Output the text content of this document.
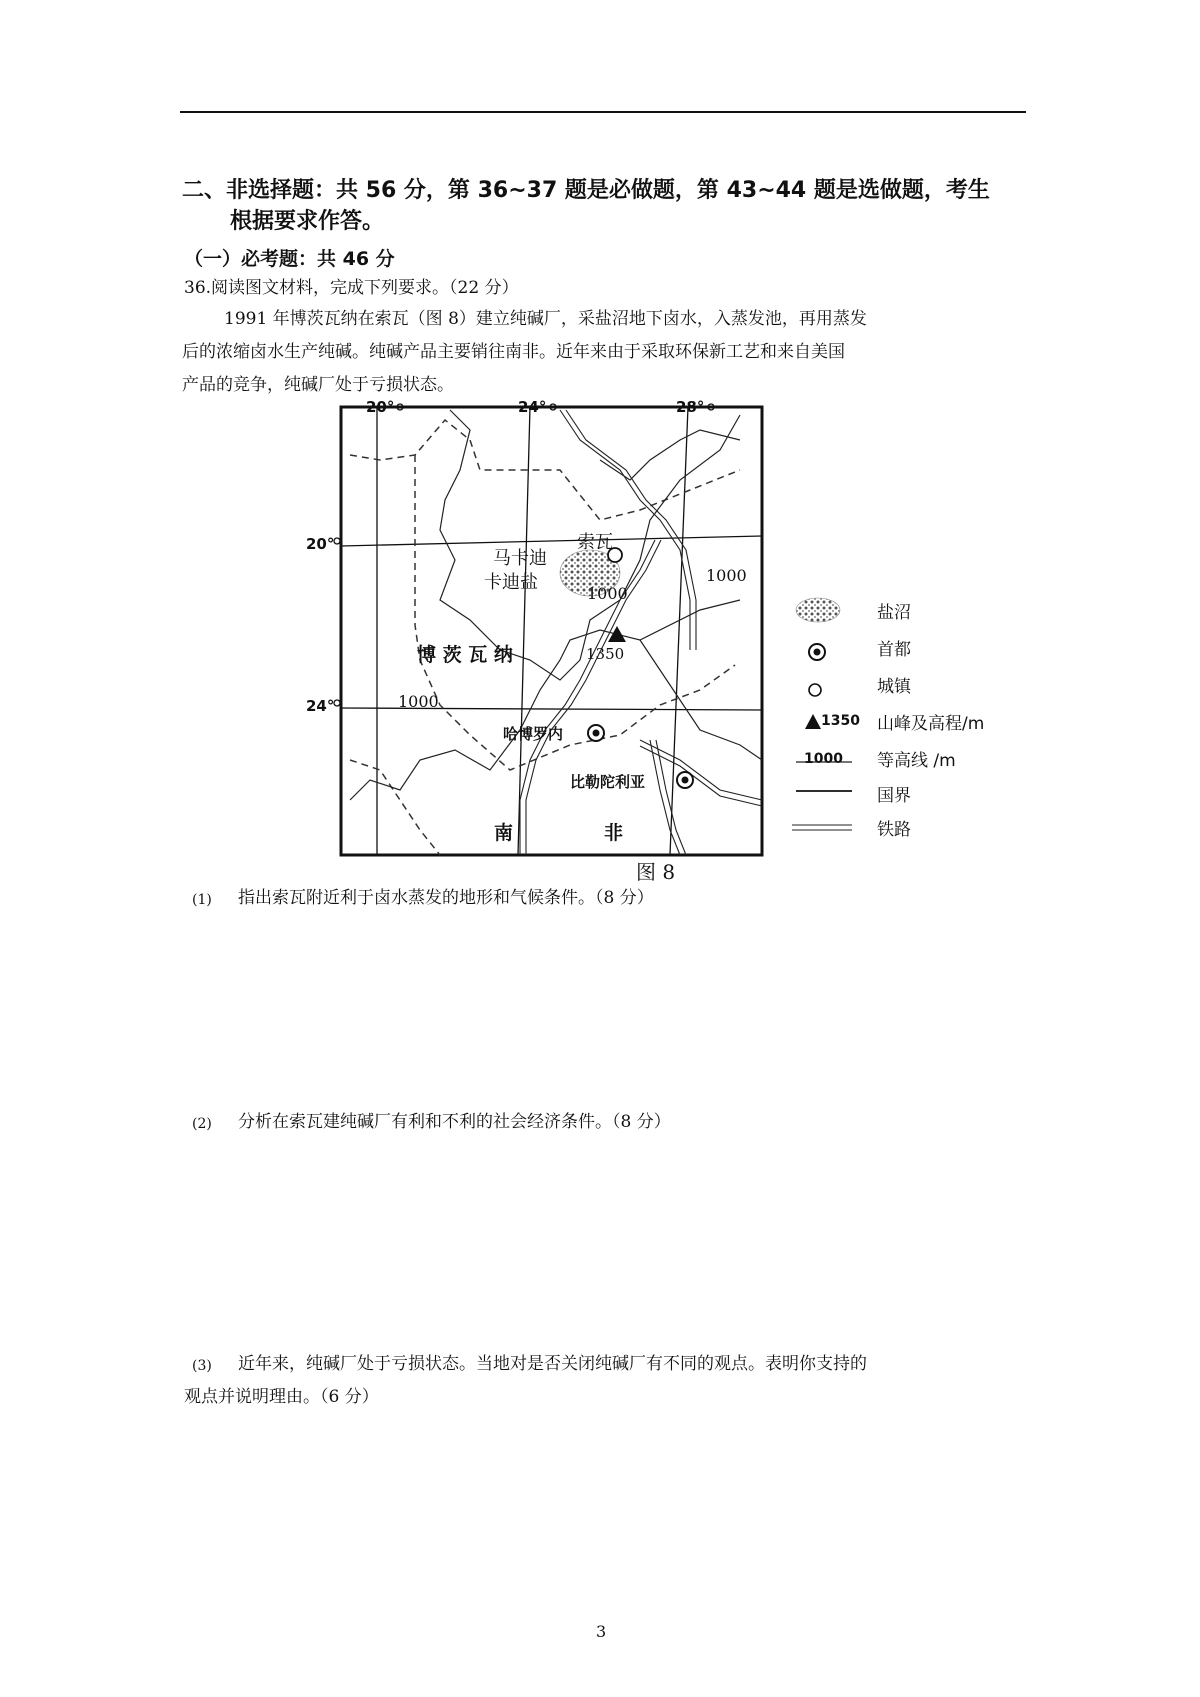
二、非选择题：共 56 分，第 36~37 题是必做题，第 43~44 题是选做题，考生
根据要求作答。
（一）必考题：共 46 分
36.阅读图文材料，完成下列要求。（22 分）
1991 年博茨瓦纳在索瓦（图 8）建立纯碱厂，采盐沼地下卤水，入蒸发池，再用蒸发
后的浓缩卤水生产纯碱。纯碱产品主要销往南非。近年来由于采取环保新工艺和来自美国
产品的竞争，纯碱厂处于亏损状态。
20°	24°	28°
20°
24°
马卡迪
卡迪盐
索瓦
1000
1000
1000
1350
博 茨 瓦 纳
哈博罗内
比勒陀利亚
南	非
图 8
盐沼
首都
城镇
1350 山峰及高程/m
1000 等高线 /m
国界
铁路
(1) 指出索瓦附近利于卤水蒸发的地形和气候条件。（8 分）
(2) 分析在索瓦建纯碱厂有利和不利的社会经济条件。（8 分）
(3) 近年来，纯碱厂处于亏损状态。当地对是否关闭纯碱厂有不同的观点。表明你支持的
观点并说明理由。（6 分）
3
